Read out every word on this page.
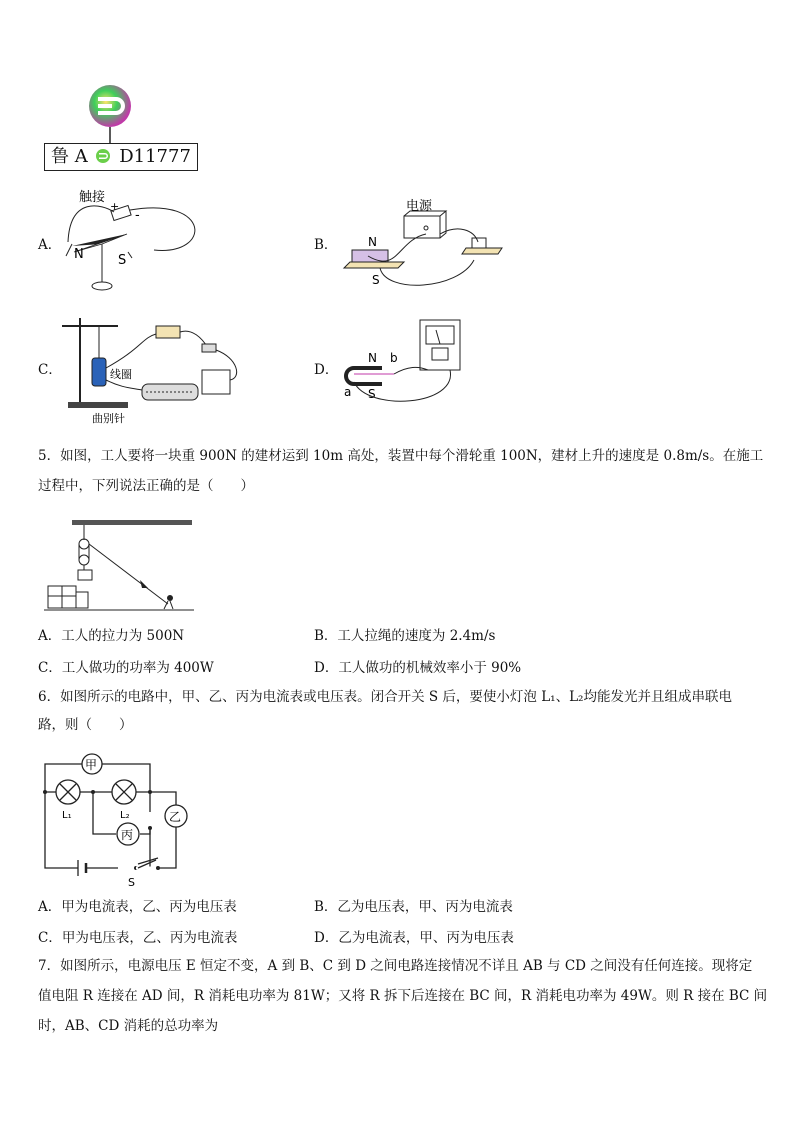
鲁 A D11777
A．
触接
+
-
N	S
B．
电源
N
S
C．	线圈
曲别针
D．
N b
a S
5．如图，工人要将一块重 900N 的建材运到 10m 高处，装置中每个滑轮重 100N，建材上升的速度是 0.8m/s。在施工
过程中，下列说法正确的是（　　）
A．工人的拉力为 500N	B．工人拉绳的速度为 2.4m/s
C．工人做功的功率为 400W	D．工人做功的机械效率小于 90%
6．如图所示的电路中，甲、乙、丙为电流表或电压表。闭合开关 S 后，要使小灯泡 L₁、L₂均能发光并且组成串联电
路，则（　　）
甲
乙
丙
L₁	L₂
S
A．甲为电流表，乙、丙为电压表	B．乙为电压表，甲、丙为电流表
C．甲为电压表，乙、丙为电流表	D．乙为电流表，甲、丙为电压表
7．如图所示，电源电压 E 恒定不变，A 到 B、C 到 D 之间电路连接情况不详且 AB 与 CD 之间没有任何连接。现将定
值电阻 R 连接在 AD 间，R 消耗电功率为 81W；又将 R 拆下后连接在 BC 间，R 消耗电功率为 49W。则 R 接在 BC 间
时，AB、CD 消耗的总功率为
